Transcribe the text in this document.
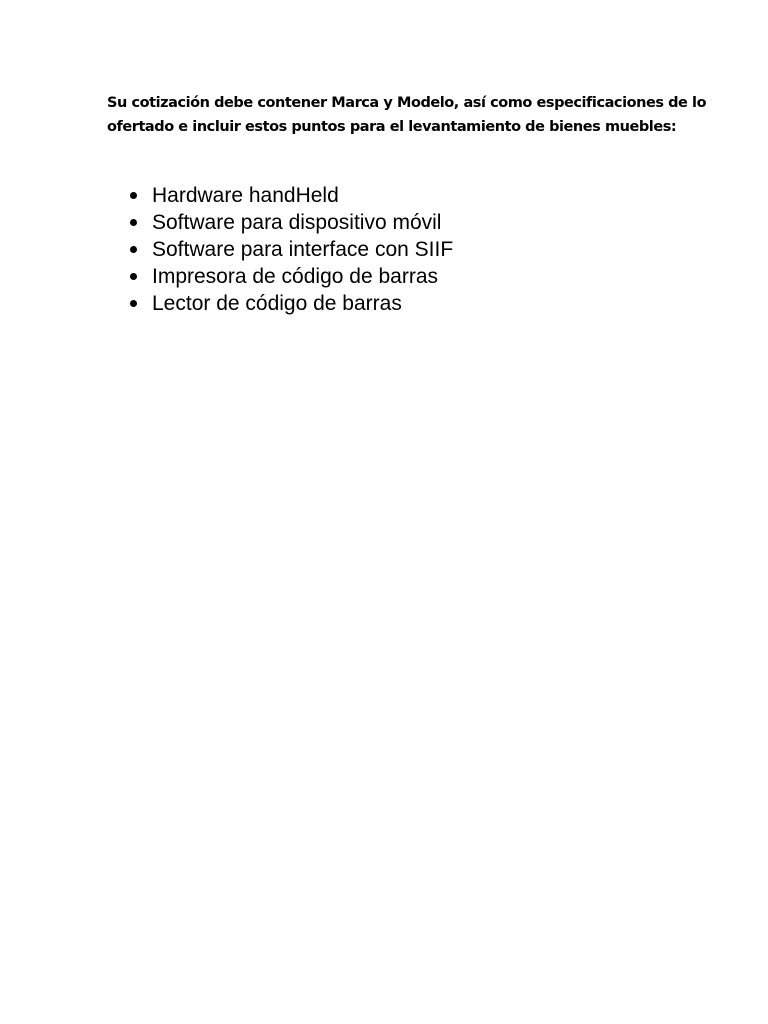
Su cotización debe contener Marca y Modelo, así como especificaciones de lo ofertado e incluir estos puntos para el levantamiento de bienes muebles:

Hardware handHeld
Software para dispositivo móvil
Software para interface con SIIF
Impresora de código de barras
Lector de código de barras
